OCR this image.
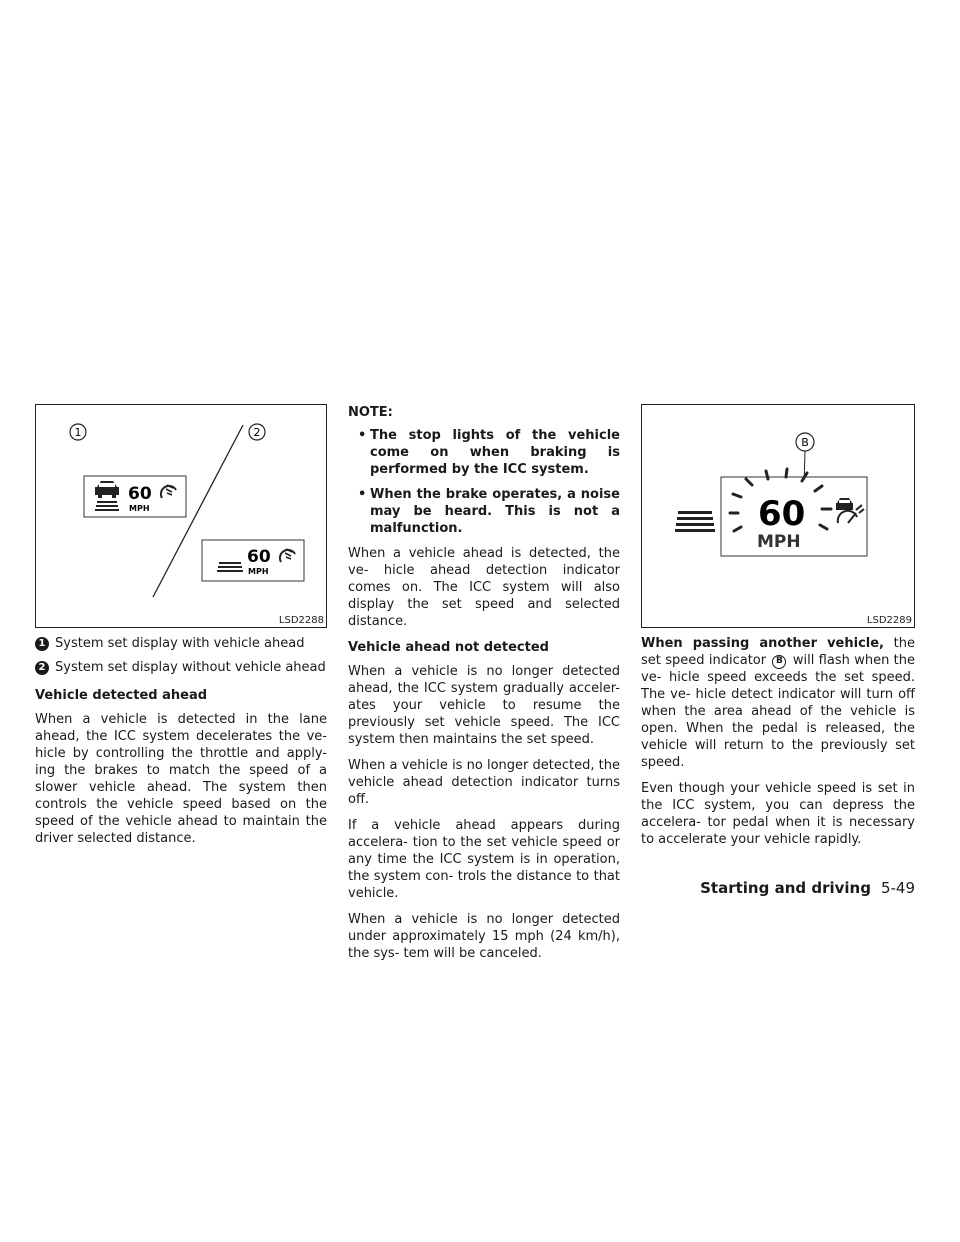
1	2
60
MPH
60
MPH
LSD2288
1 System set display with vehicle ahead
2 System set display without vehicle ahead
Vehicle detected ahead

When a vehicle is detected in the lane ahead, the ICC system decelerates the ve- hicle by controlling the throttle and apply- ing the brakes to match the speed of a slower vehicle ahead. The system then controls the vehicle speed based on the speed of the vehicle ahead to maintain the driver selected distance.

NOTE:
• The stop lights of the vehicle come on when braking is performed by the ICC system.
• When the brake operates, a noise may be heard. This is not a malfunction.

When a vehicle ahead is detected, the ve- hicle ahead detection indicator comes on. The ICC system will also display the set speed and selected distance.

Vehicle ahead not detected

When a vehicle is no longer detected ahead, the ICC system gradually acceler- ates your vehicle to resume the previously set vehicle speed. The ICC system then maintains the set speed.

When a vehicle is no longer detected, the vehicle ahead detection indicator turns off.

If a vehicle ahead appears during accelera- tion to the set vehicle speed or any time the ICC system is in operation, the system con- trols the distance to that vehicle.

When a vehicle is no longer detected under approximately 15 mph (24 km/h), the sys- tem will be canceled.

B
60
MPH
LSD2289

When passing another vehicle, the set speed indicator B will flash when the ve- hicle speed exceeds the set speed. The ve- hicle detect indicator will turn off when the area ahead of the vehicle is open. When the pedal is released, the vehicle will return to the previously set speed.

Even though your vehicle speed is set in the ICC system, you can depress the accelera- tor pedal when it is necessary to accelerate your vehicle rapidly.

Starting and driving 5-49
